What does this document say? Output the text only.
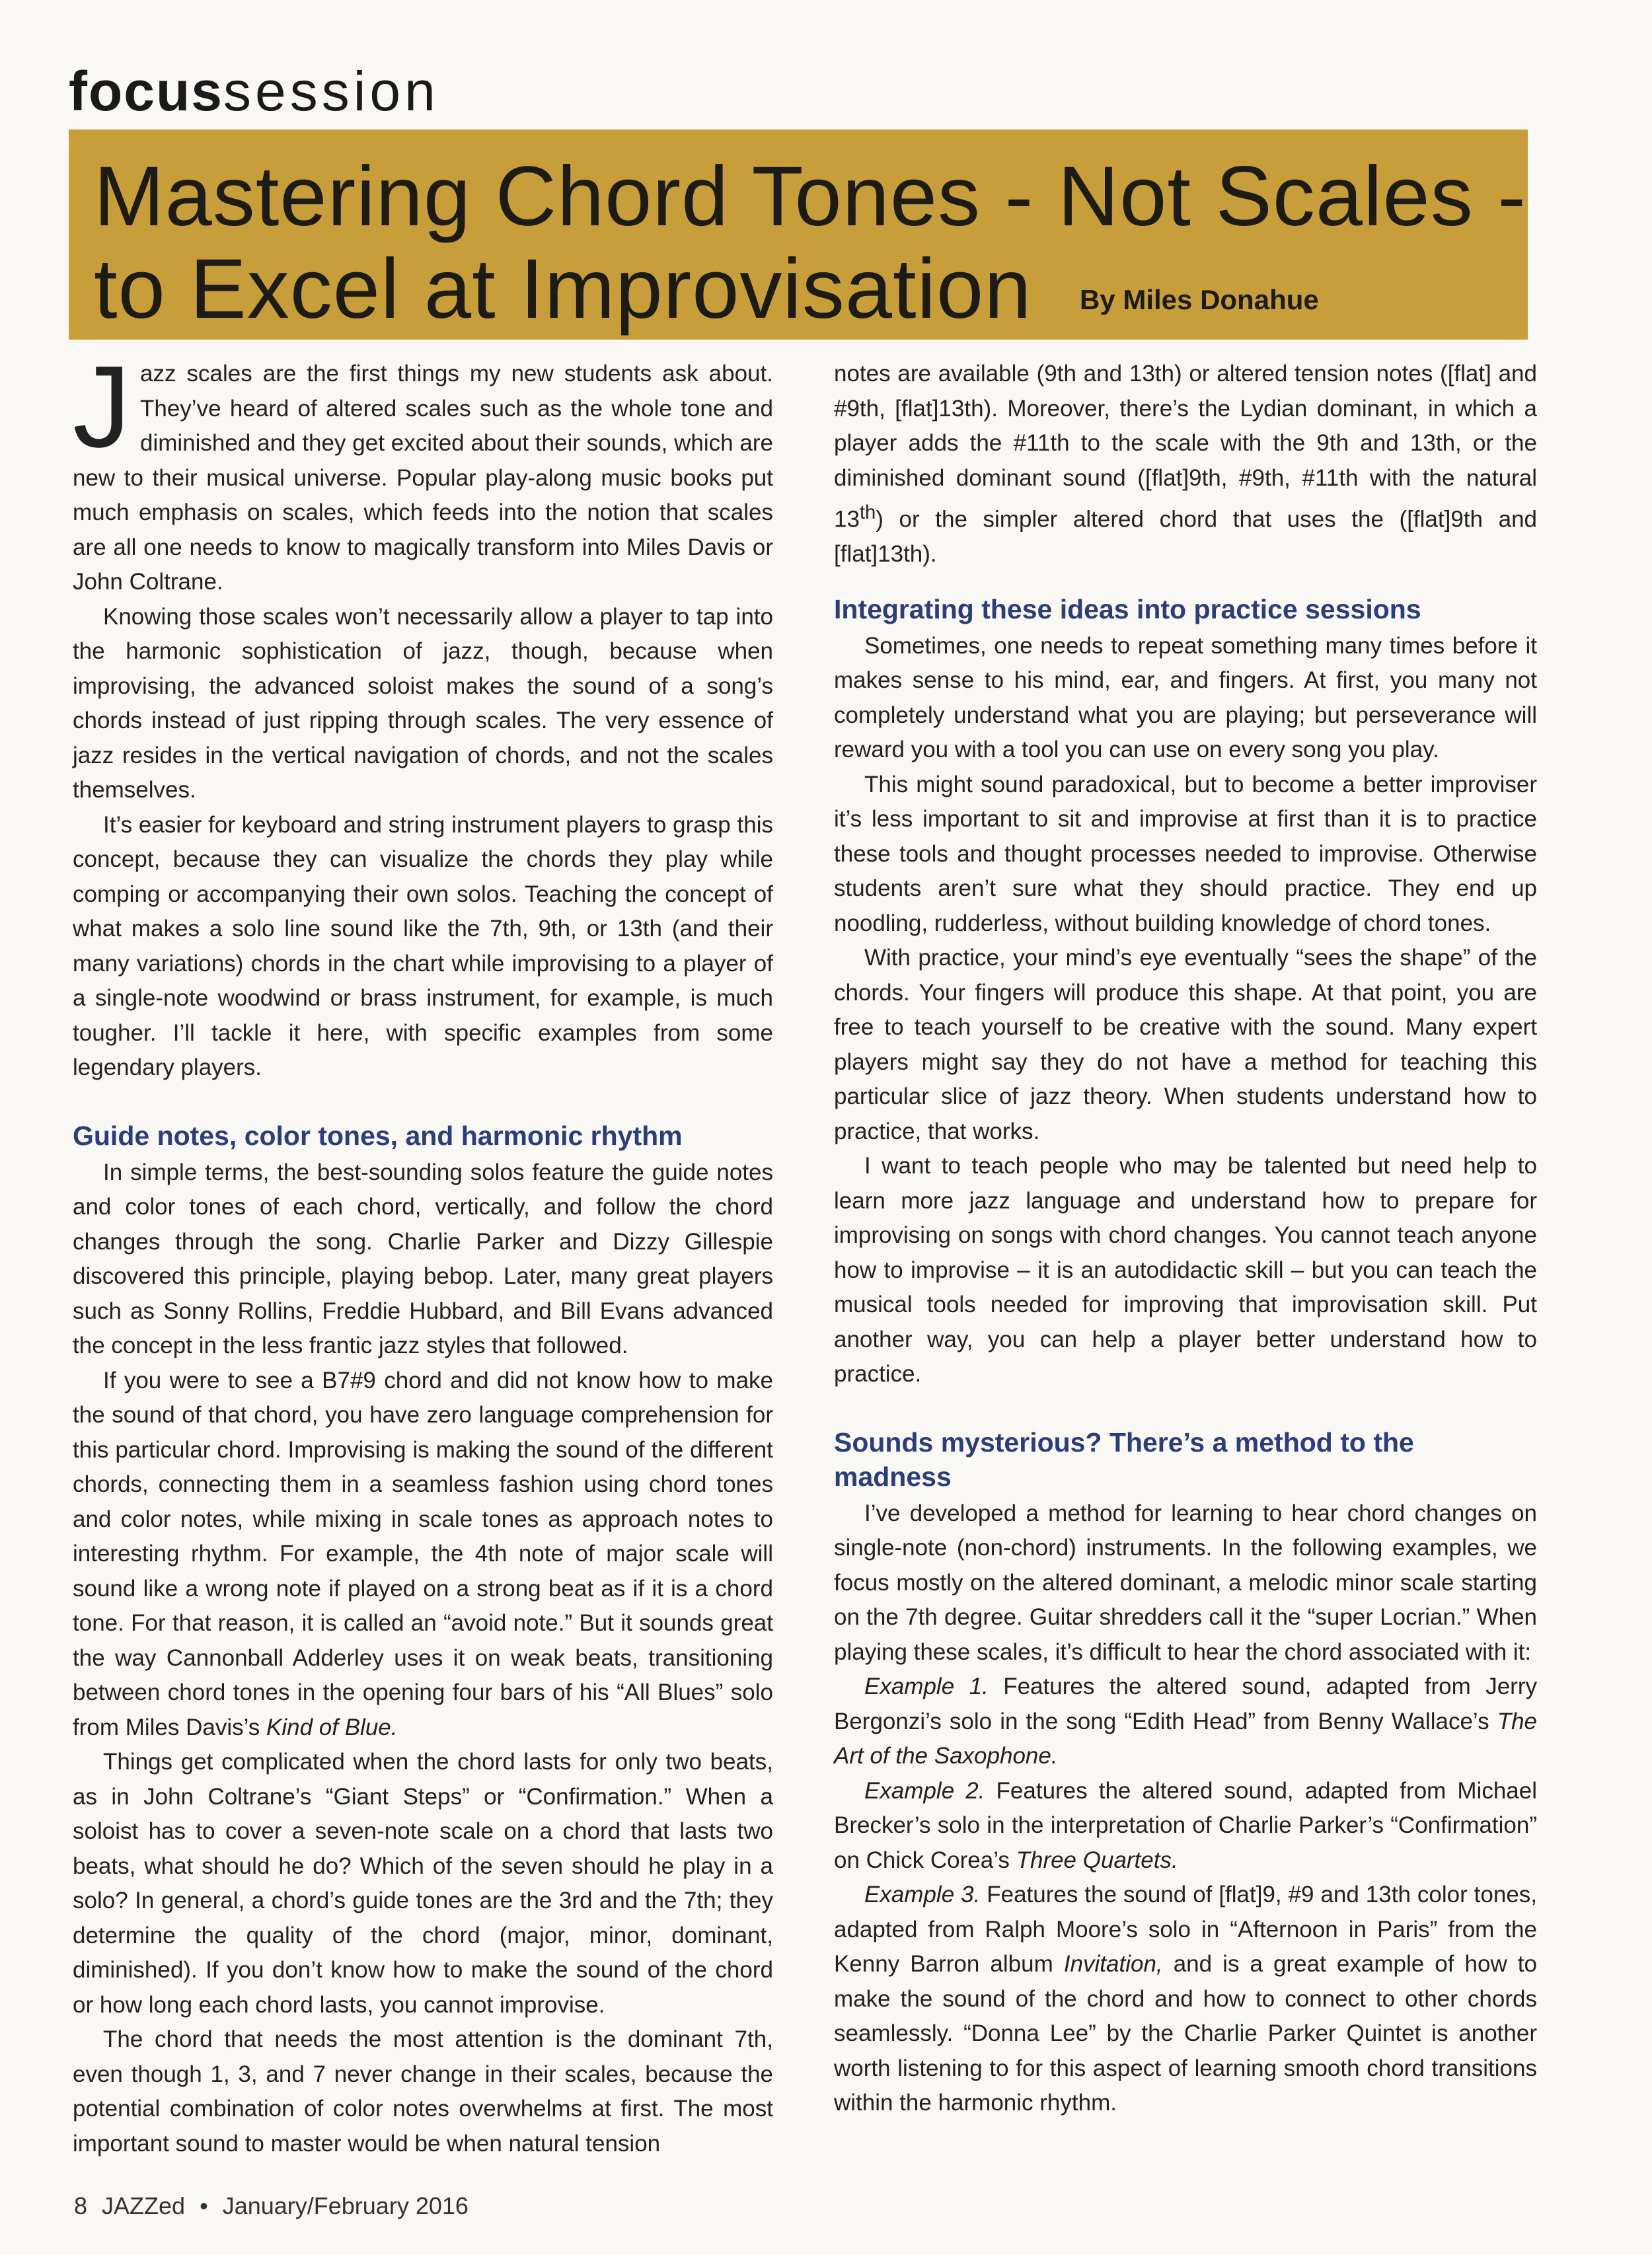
focussession
Mastering Chord Tones - Not Scales -
to Excel at Improvisation By Miles Donahue

Jazz scales are the first things my new students ask about. They’ve heard of altered scales such as the whole tone and diminished and they get excited about their sounds, which are new to their musical universe. Popular play-along music books put much emphasis on scales, which feeds into the notion that scales are all one needs to know to magically transform into Miles Davis or John Coltrane.

Knowing those scales won’t necessarily allow a player to tap into the harmonic sophistication of jazz, though, because when improvising, the advanced soloist makes the sound of a song’s chords instead of just ripping through scales. The very essence of jazz resides in the vertical navigation of chords, and not the scales themselves.

It’s easier for keyboard and string instrument players to grasp this concept, because they can visualize the chords they play while comping or accompanying their own solos. Teaching the concept of what makes a solo line sound like the 7th, 9th, or 13th (and their many variations) chords in the chart while improvising to a player of a single-note woodwind or brass instrument, for example, is much tougher. I’ll tackle it here, with specific examples from some legendary players.

Guide notes, color tones, and harmonic rhythm

In simple terms, the best-sounding solos feature the guide notes and color tones of each chord, vertically, and follow the chord changes through the song. Charlie Parker and Dizzy Gillespie discovered this principle, playing bebop. Later, many great players such as Sonny Rollins, Freddie Hubbard, and Bill Evans advanced the concept in the less frantic jazz styles that followed.

If you were to see a B7#9 chord and did not know how to make the sound of that chord, you have zero language comprehension for this particular chord. Improvising is making the sound of the different chords, connecting them in a seamless fashion using chord tones and color notes, while mixing in scale tones as approach notes to interesting rhythm. For example, the 4th note of major scale will sound like a wrong note if played on a strong beat as if it is a chord tone. For that reason, it is called an “avoid note.” But it sounds great the way Cannonball Adderley uses it on weak beats, transitioning between chord tones in the opening four bars of his “All Blues” solo from Miles Davis’s Kind of Blue.

Things get complicated when the chord lasts for only two beats, as in John Coltrane’s “Giant Steps” or “Confirmation.” When a soloist has to cover a seven-note scale on a chord that lasts two beats, what should he do? Which of the seven should he play in a solo? In general, a chord’s guide tones are the 3rd and the 7th; they determine the quality of the chord (major, minor, dominant, diminished). If you don’t know how to make the sound of the chord or how long each chord lasts, you cannot improvise.

The chord that needs the most attention is the dominant 7th, even though 1, 3, and 7 never change in their scales, because the potential combination of color notes overwhelms at first. The most important sound to master would be when natural tension

notes are available (9th and 13th) or altered tension notes ([flat] and #9th, [flat]13th). Moreover, there’s the Lydian dominant, in which a player adds the #11th to the scale with the 9th and 13th, or the diminished dominant sound ([flat]9th, #9th, #11th with the natural 13th) or the simpler altered chord that uses the ([flat]9th and [flat]13th).

Integrating these ideas into practice sessions

Sometimes, one needs to repeat something many times before it makes sense to his mind, ear, and fingers. At first, you many not completely understand what you are playing; but perseverance will reward you with a tool you can use on every song you play.

This might sound paradoxical, but to become a better improviser it’s less important to sit and improvise at first than it is to practice these tools and thought processes needed to improvise. Otherwise students aren’t sure what they should practice. They end up noodling, rudderless, without building knowledge of chord tones.

With practice, your mind’s eye eventually “sees the shape” of the chords. Your fingers will produce this shape. At that point, you are free to teach yourself to be creative with the sound. Many expert players might say they do not have a method for teaching this particular slice of jazz theory. When students understand how to practice, that works.

I want to teach people who may be talented but need help to learn more jazz language and understand how to prepare for improvising on songs with chord changes. You cannot teach anyone how to improvise – it is an autodidactic skill – but you can teach the musical tools needed for improving that improvisation skill. Put another way, you can help a player better understand how to practice.

Sounds mysterious? There’s a method to the madness

I’ve developed a method for learning to hear chord changes on single-note (non-chord) instruments. In the following examples, we focus mostly on the altered dominant, a melodic minor scale starting on the 7th degree. Guitar shredders call it the “super Locrian.” When playing these scales, it’s difficult to hear the chord associated with it:

Example 1. Features the altered sound, adapted from Jerry Bergonzi’s solo in the song “Edith Head” from Benny Wallace’s The Art of the Saxophone.

Example 2. Features the altered sound, adapted from Michael Brecker’s solo in the interpretation of Charlie Parker’s “Confirmation” on Chick Corea’s Three Quartets.

Example 3. Features the sound of [flat]9, #9 and 13th color tones, adapted from Ralph Moore’s solo in “Afternoon in Paris” from the Kenny Barron album Invitation, and is a great example of how to make the sound of the chord and how to connect to other chords seamlessly. “Donna Lee” by the Charlie Parker Quintet is another worth listening to for this aspect of learning smooth chord transitions within the harmonic rhythm.

8 JAZZed • January/February 2016
